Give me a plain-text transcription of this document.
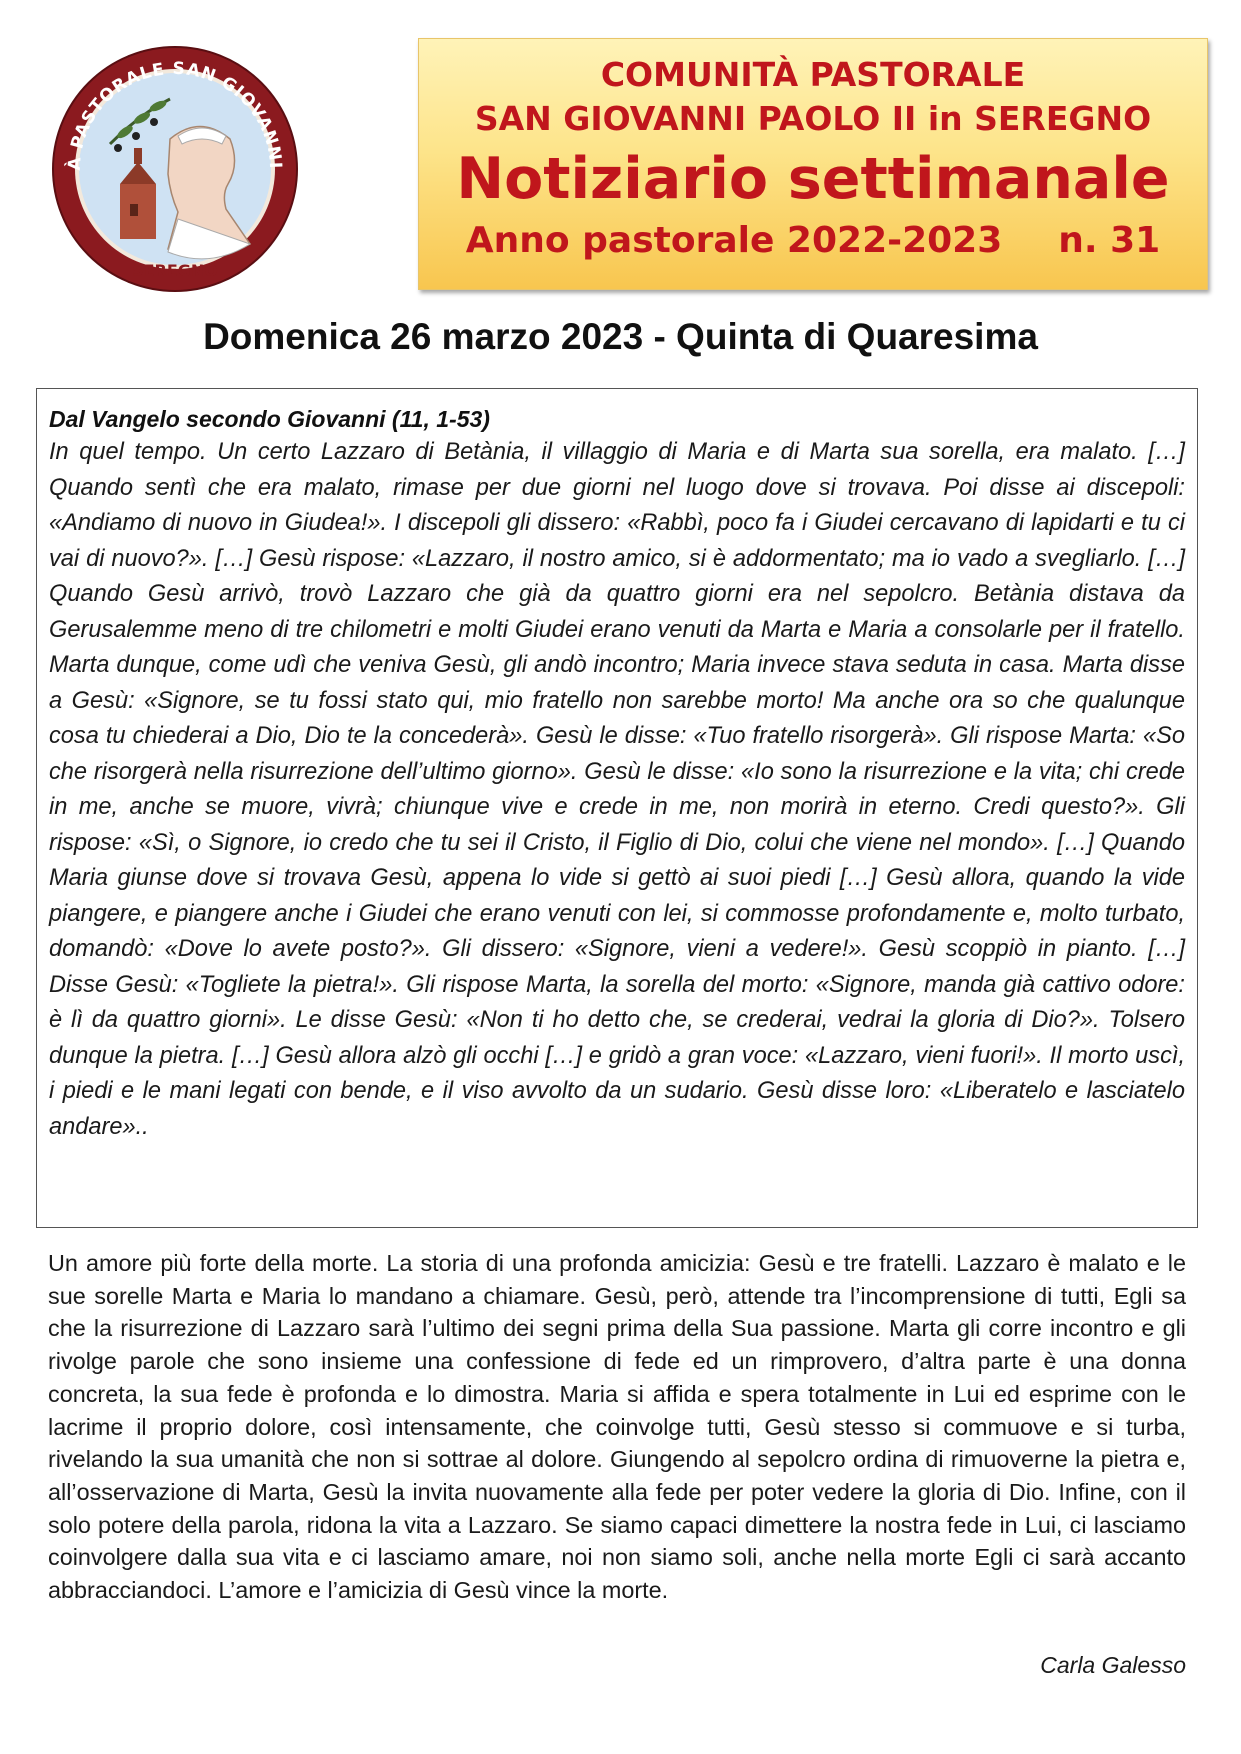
À PASTORALE SAN GIOVANNI
SEREGNO
COMUNITÀ PASTORALE
SAN GIOVANNI PAOLO II in SEREGNO
Notiziario settimanale
Anno pastorale 2022-2023 n. 31
Domenica 26 marzo 2023 - Quinta di Quaresima
Dal Vangelo secondo Giovanni (11, 1-53)
In quel tempo. Un certo Lazzaro di Betània, il villaggio di Maria e di Marta sua sorella, era malato. […] Quando sentì che era malato, rimase per due giorni nel luogo dove si trovava. Poi disse ai discepoli: «Andiamo di nuovo in Giudea!». I discepoli gli dissero: «Rabbì, poco fa i Giudei cercavano di lapidarti e tu ci vai di nuovo?». […] Gesù rispose: «Lazzaro, il nostro amico, si è addormentato; ma io vado a svegliarlo. […] Quando Gesù arrivò, trovò Lazzaro che già da quattro giorni era nel sepolcro. Betània distava da Gerusalemme meno di tre chilometri e molti Giudei erano venuti da Marta e Maria a consolarle per il fratello. Marta dunque, come udì che veniva Gesù, gli andò incontro; Maria invece stava seduta in casa. Marta disse a Gesù: «Signore, se tu fossi stato qui, mio fratello non sarebbe morto! Ma anche ora so che qualunque cosa tu chiederai a Dio, Dio te la concederà». Gesù le disse: «Tuo fratello risorgerà». Gli rispose Marta: «So che risorgerà nella risurrezione dell’ultimo giorno». Gesù le disse: «Io sono la risurrezione e la vita; chi crede in me, anche se muore, vivrà; chiunque vive e crede in me, non morirà in eterno. Credi questo?». Gli rispose: «Sì, o Signore, io credo che tu sei il Cristo, il Figlio di Dio, colui che viene nel mondo». […] Quando Maria giunse dove si trovava Gesù, appena lo vide si gettò ai suoi piedi […] Gesù allora, quando la vide piangere, e piangere anche i Giudei che erano venuti con lei, si commosse profondamente e, molto turbato, domandò: «Dove lo avete posto?». Gli dissero: «Signore, vieni a vedere!». Gesù scoppiò in pianto. […] Disse Gesù: «Togliete la pietra!». Gli rispose Marta, la sorella del morto: «Signore, manda già cattivo odore: è lì da quattro giorni». Le disse Gesù: «Non ti ho detto che, se crederai, vedrai la gloria di Dio?». Tolsero dunque la pietra. […] Gesù allora alzò gli occhi […] e gridò a gran voce: «Lazzaro, vieni fuori!». Il morto uscì, i piedi e le mani legati con bende, e il viso avvolto da un sudario. Gesù disse loro: «Liberatelo e lasciatelo andare»..
Un amore più forte della morte. La storia di una profonda amicizia: Gesù e tre fratelli. Lazzaro è malato e le sue sorelle Marta e Maria lo mandano a chiamare. Gesù, però, attende tra l’incomprensione di tutti, Egli sa che la risurrezione di Lazzaro sarà l’ultimo dei segni prima della Sua passione. Marta gli corre incontro e gli rivolge parole che sono insieme una confessione di fede ed un rimprovero, d’altra parte è una donna concreta, la sua fede è profonda e lo dimostra. Maria si affida e spera totalmente in Lui ed esprime con le lacrime il proprio dolore, così intensamente, che coinvolge tutti, Gesù stesso si commuove e si turba, rivelando la sua umanità che non si sottrae al dolore. Giungendo al sepolcro ordina di rimuoverne la pietra e, all’osservazione di Marta, Gesù la invita nuovamente alla fede per poter vedere la gloria di Dio. Infine, con il solo potere della parola, ridona la vita a Lazzaro. Se siamo capaci dimettere la nostra fede in Lui, ci lasciamo coinvolgere dalla sua vita e ci lasciamo amare, noi non siamo soli, anche nella morte Egli ci sarà accanto abbracciandoci. L’amore e l’amicizia di Gesù vince la morte.
Carla Galesso
